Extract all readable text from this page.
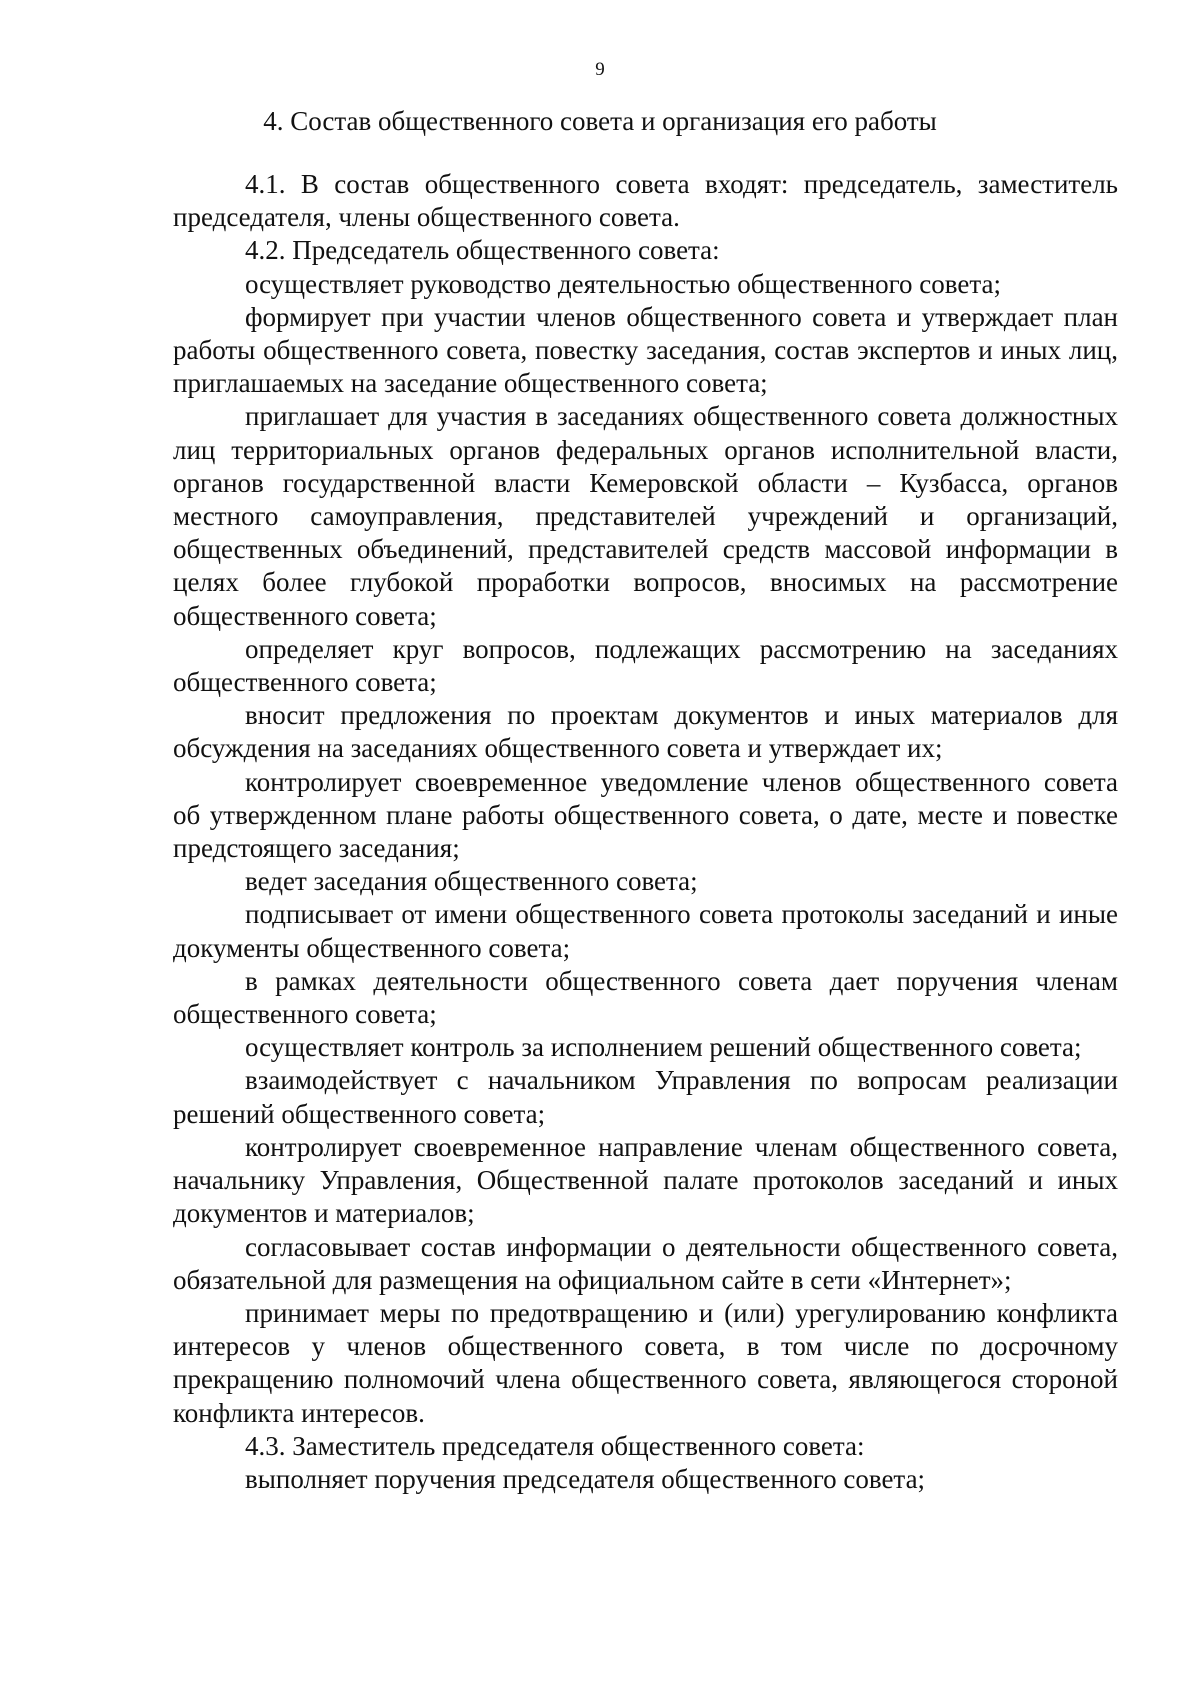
9
4. Состав общественного совета и организация его работы

4.1. В состав общественного совета входят: председатель, заместитель председателя, члены общественного совета.

4.2. Председатель общественного совета:

осуществляет руководство деятельностью общественного совета;

формирует при участии членов общественного совета и утверждает план работы общественного совета, повестку заседания, состав экспертов и иных лиц, приглашаемых на заседание общественного совета;

приглашает для участия в заседаниях общественного совета должностных лиц территориальных органов федеральных органов исполнительной власти, органов государственной власти Кемеровской области – Кузбасса, органов местного самоуправления, представителей учреждений и организаций, общественных объединений, представителей средств массовой информации в целях более глубокой проработки вопросов, вносимых на рассмотрение общественного совета;

определяет круг вопросов, подлежащих рассмотрению на заседаниях общественного совета;

вносит предложения по проектам документов и иных материалов для обсуждения на заседаниях общественного совета и утверждает их;

контролирует своевременное уведомление членов общественного совета об утвержденном плане работы общественного совета, о дате, месте и повестке предстоящего заседания;

ведет заседания общественного совета;

подписывает от имени общественного совета протоколы заседаний и иные документы общественного совета;

в рамках деятельности общественного совета дает поручения членам общественного совета;

осуществляет контроль за исполнением решений общественного совета;

взаимодействует с начальником Управления по вопросам реализации решений общественного совета;

контролирует своевременное направление членам общественного совета, начальнику Управления, Общественной палате протоколов заседаний и иных документов и материалов;

согласовывает состав информации о деятельности общественного совета, обязательной для размещения на официальном сайте в сети «Интернет»;

принимает меры по предотвращению и (или) урегулированию конфликта интересов у членов общественного совета, в том числе по досрочному прекращению полномочий члена общественного совета, являющегося стороной конфликта интересов.

4.3. Заместитель председателя общественного совета:

выполняет поручения председателя общественного совета;
